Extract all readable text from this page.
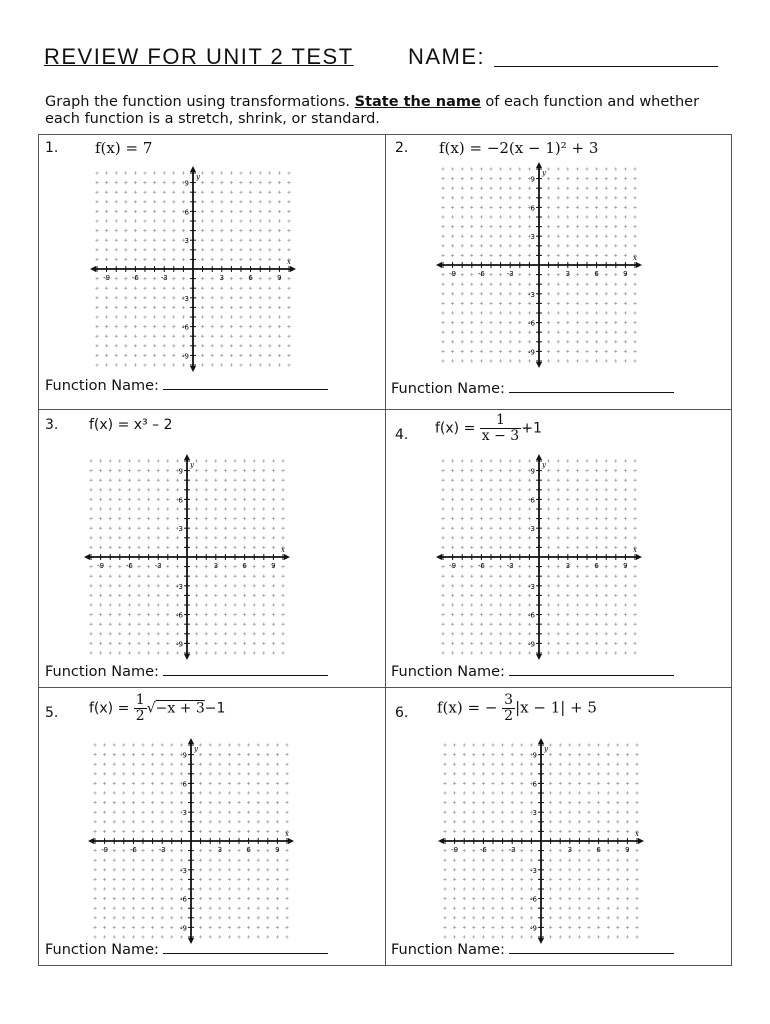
REVIEW FOR UNIT 2 TEST NAME:
Graph the function using transformations. State the name of each function and whether each function is a stretch, shrink, or standard.
1. f(x) = 7
x
y
-9	-6	-3	3	6	9
9
6
3
-3
-6
-9
Function Name:
2. f(x) = −2(x − 1)² + 3
x
y
-9	-6	-3	3	6	9
9
6
3
-3
-6
-9
Function Name:
3. f(x) = x³ – 2
x
y
-9	-6	-3	3	6	9
9
6
3
-3
-6
-9
Function Name:
4. $f(x) = \frac{1}{x - 3} +1$
x
y
-9	-6	-3	3	6	9
9
6
3
-3
-6
-9
Function Name:
5. $f(x) = \frac{1}{2} √-x + 3-1$
x
y
-9	-6	-3	3	6	9
9
6
3
-3
-6
-9
Function Name:
6. f(x) = − $\frac{3}{2} |x - 1| + 5$
x
y
-9	-6	-3	3	6	9
9
6
3
-3
-6
-9
Function Name:
